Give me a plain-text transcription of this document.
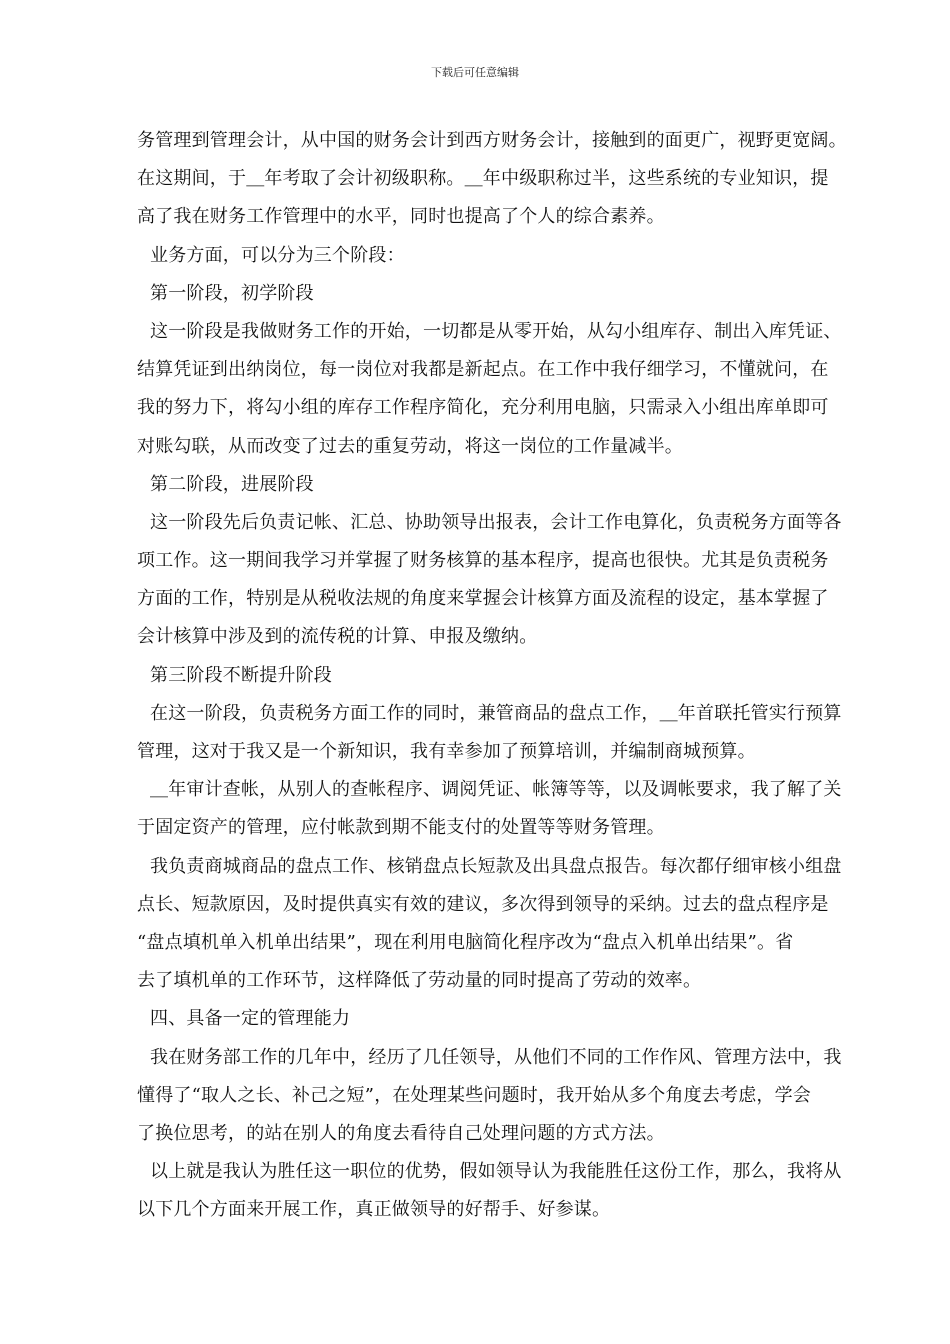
下载后可任意编辑
务管理到管理会计，从中国的财务会计到西方财务会计，接触到的面更广，视野更宽阔。
在这期间，于＿年考取了会计初级职称。＿年中级职称过半，这些系统的专业知识，提
高了我在财务工作管理中的水平，同时也提高了个人的综合素养。
业务方面，可以分为三个阶段：
第一阶段，初学阶段
这一阶段是我做财务工作的开始，一切都是从零开始，从勾小组库存、制出入库凭证、
结算凭证到出纳岗位，每一岗位对我都是新起点。在工作中我仔细学习，不懂就问，在
我的努力下，将勾小组的库存工作程序简化，充分利用电脑，只需录入小组出库单即可
对账勾联，从而改变了过去的重复劳动，将这一岗位的工作量减半。
第二阶段，进展阶段
这一阶段先后负责记帐、汇总、协助领导出报表，会计工作电算化，负责税务方面等各
项工作。这一期间我学习并掌握了财务核算的基本程序，提高也很快。尤其是负责税务
方面的工作，特别是从税收法规的角度来掌握会计核算方面及流程的设定，基本掌握了
会计核算中涉及到的流传税的计算、申报及缴纳。
第三阶段不断提升阶段
在这一阶段，负责税务方面工作的同时，兼管商品的盘点工作，＿年首联托管实行预算
管理，这对于我又是一个新知识，我有幸参加了预算培训，并编制商城预算。
＿年审计查帐，从别人的查帐程序、调阅凭证、帐簿等等，以及调帐要求，我了解了关
于固定资产的管理，应付帐款到期不能支付的处置等等财务管理。
我负责商城商品的盘点工作、核销盘点长短款及出具盘点报告。每次都仔细审核小组盘
点长、短款原因，及时提供真实有效的建议，多次得到领导的采纳。过去的盘点程序是
“盘点填机单入机单出结果”，现在利用电脑简化程序改为“盘点入机单出结果”。省
去了填机单的工作环节，这样降低了劳动量的同时提高了劳动的效率。
四、具备一定的管理能力
我在财务部工作的几年中，经历了几任领导，从他们不同的工作作风、管理方法中，我
懂得了“取人之长、补己之短”，在处理某些问题时，我开始从多个角度去考虑，学会
了换位思考，的站在别人的角度去看待自己处理问题的方式方法。
以上就是我认为胜任这一职位的优势，假如领导认为我能胜任这份工作，那么，我将从
以下几个方面来开展工作，真正做领导的好帮手、好参谋。
